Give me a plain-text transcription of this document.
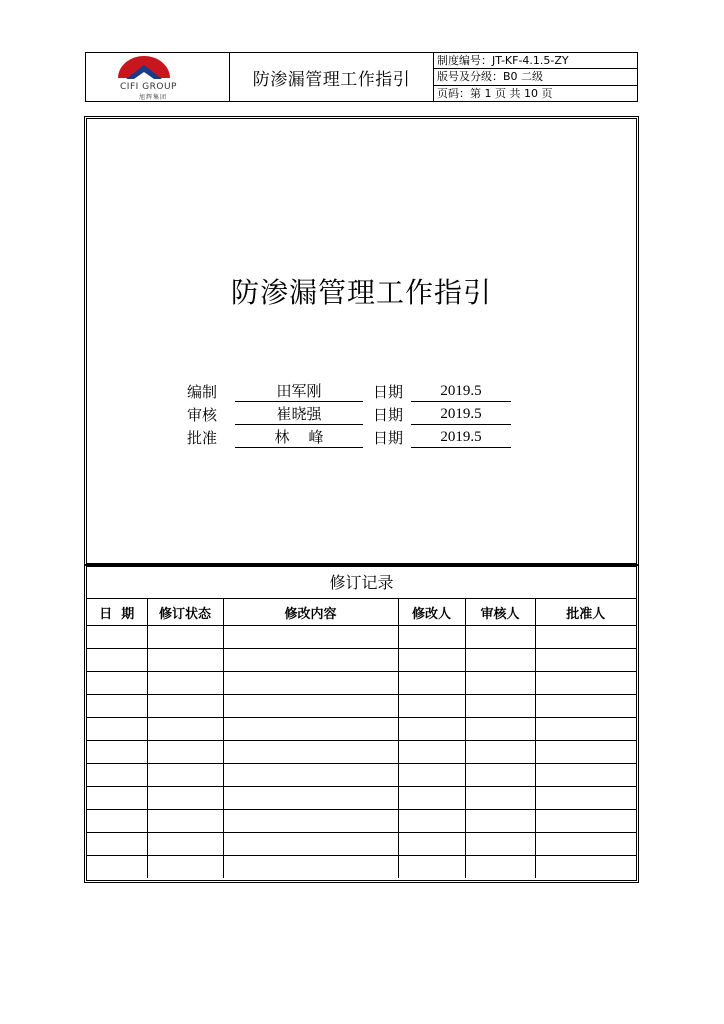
CIFI GROUP
旭辉集团
防渗漏管理工作指引
制度编号：JT-KF-4.1.5-ZY
版号及分级：B0 二级
页码：第 1 页 共 10 页
防渗漏管理工作指引
编制	田军刚	日期	2019.5
审核	崔晓强	日期	2019.5
批准	林    峰	日期	2019.5
修订记录
日  期	修订状态	修改内容	修改人	审核人	批准人
